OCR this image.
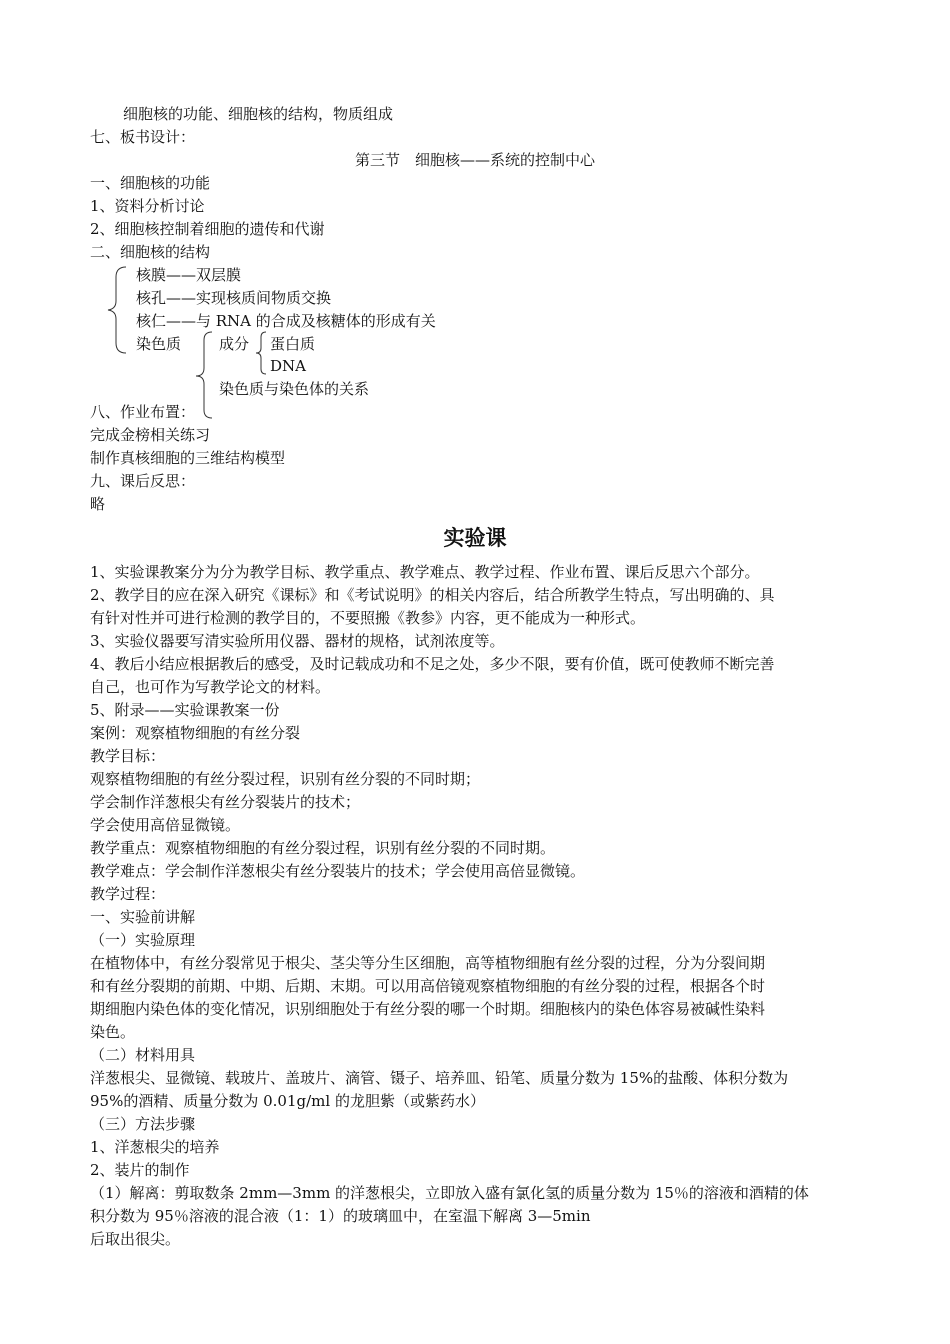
细胞核的功能、细胞核的结构，物质组成
七、板书设计：
第三节　细胞核——系统的控制中心
一、细胞核的功能
1、资料分析讨论
2、细胞核控制着细胞的遗传和代谢
二、细胞核的结构
核膜——双层膜
核孔——实现核质间物质交换
核仁——与 RNA 的合成及核糖体的形成有关
染色质	成分 蛋白质
DNA
染色质与染色体的关系
八、作业布置：
完成金榜相关练习
制作真核细胞的三维结构模型
九、课后反思：
略
实验课
1、实验课教案分为分为教学目标、教学重点、教学难点、教学过程、作业布置、课后反思六个部分。
2、教学目的应在深入研究《课标》和《考试说明》的相关内容后，结合所教学生特点，写出明确的、具
有针对性并可进行检测的教学目的，不要照搬《教参》内容，更不能成为一种形式。
3、实验仪器要写清实验所用仪器、器材的规格，试剂浓度等。
4、教后小结应根据教后的感受，及时记载成功和不足之处，多少不限，要有价值，既可使教师不断完善
自己，也可作为写教学论文的材料。
5、附录——实验课教案一份
案例：观察植物细胞的有丝分裂
教学目标：
观察植物细胞的有丝分裂过程，识别有丝分裂的不同时期；
学会制作洋葱根尖有丝分裂装片的技术；
学会使用高倍显微镜。
教学重点：观察植物细胞的有丝分裂过程，识别有丝分裂的不同时期。
教学难点：学会制作洋葱根尖有丝分裂装片的技术；学会使用高倍显微镜。
教学过程：
一、实验前讲解
（一）实验原理
在植物体中，有丝分裂常见于根尖、茎尖等分生区细胞，高等植物细胞有丝分裂的过程，分为分裂间期
和有丝分裂期的前期、中期、后期、末期。可以用高倍镜观察植物细胞的有丝分裂的过程，根据各个时
期细胞内染色体的变化情况，识别细胞处于有丝分裂的哪一个时期。细胞核内的染色体容易被碱性染料
染色。
（二）材料用具
洋葱根尖、显微镜、载玻片、盖玻片、滴管、镊子、培养皿、铅笔、质量分数为 15%的盐酸、体积分数为
95%的酒精、质量分数为 0.01g/ml 的龙胆紫（或紫药水）
（三）方法步骤
1、洋葱根尖的培养
2、装片的制作
（1）解离：剪取数条 2mm—3mm 的洋葱根尖，立即放入盛有氯化氢的质量分数为 15％的溶液和酒精的体
积分数为 95％溶液的混合液（1：1）的玻璃皿中，在室温下解离 3—5min
后取出很尖。
